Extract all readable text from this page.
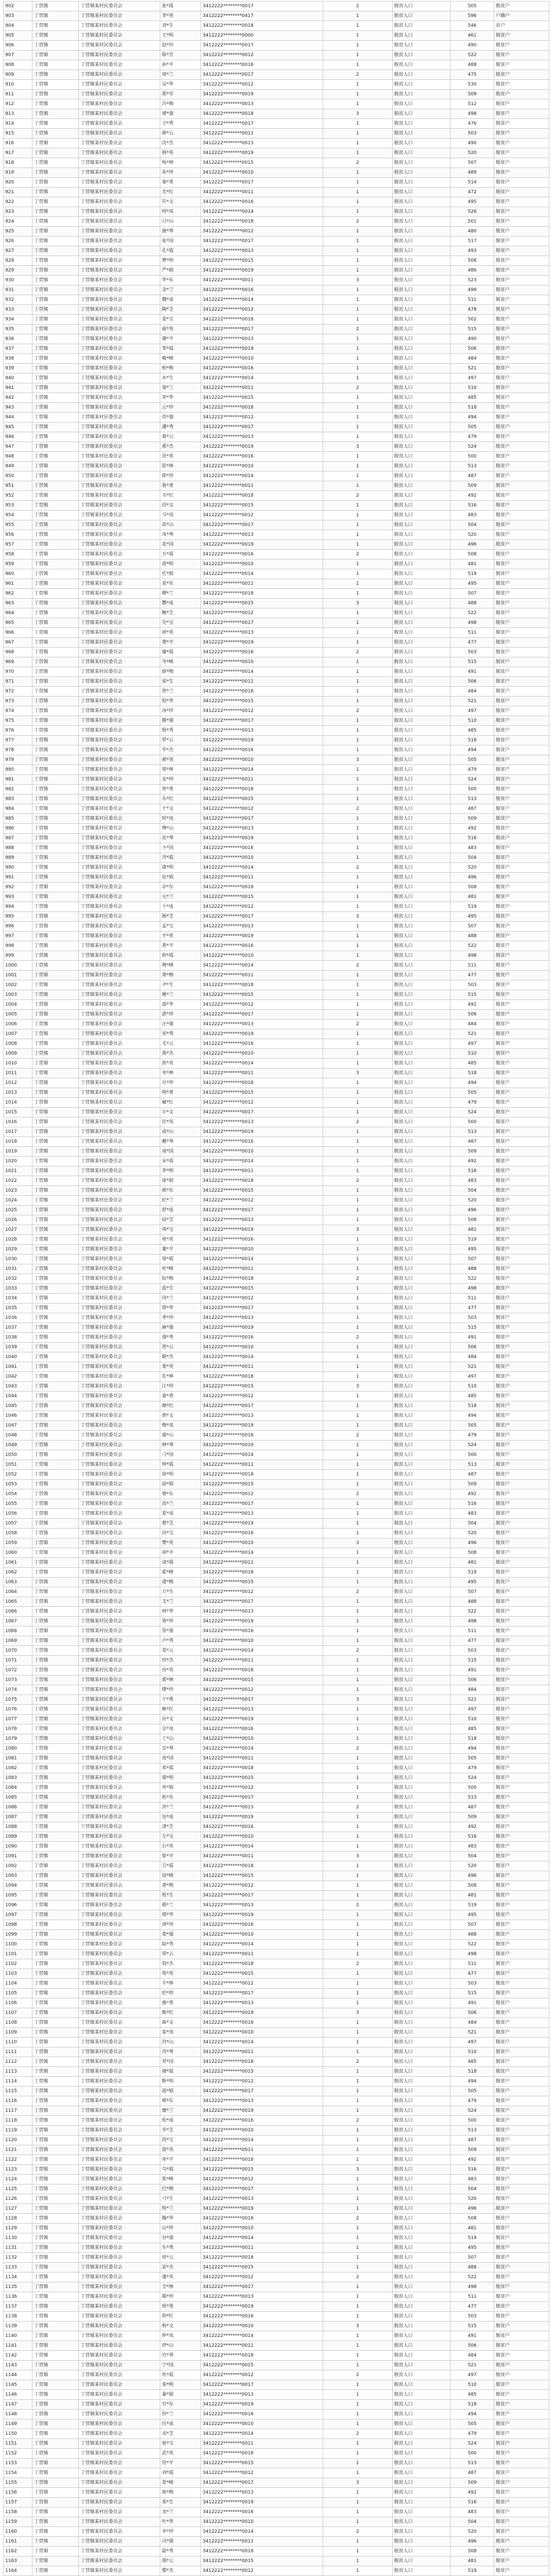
902	丁营镇	丁营镇某村民委员会	张*霞	3412222********0017	2	脱贫人口	505	脱贫户
903	丁营镇	丁营镇某村民委员会	李*英	3412222********0417	1	脱贫人口	596	户籍户
904	丁营镇	丁营镇某村民委员会	刘*生	3412222********0018	1	脱贫人口	546	农户
905	丁营镇	丁营镇某村民委员会	王*明	3412222********0000	1	脱贫人口	461	脱贫户
906	丁营镇	丁营镇某村民委员会	赵*玲	3412222********0017	1	脱贫人口	490	脱贫户
907	丁营镇	丁营镇某村民委员会	陈*芳	3412222********0012	1	脱贫人口	522	脱贫户
908	丁营镇	丁营镇某村民委员会	孙*平	3412222********0016	1	脱贫人口	488	脱贫户
909	丁营镇	丁营镇某村民委员会	周*兰	3412222********0017	2	脱贫人口	475	脱贫户
910	丁营镇	丁营镇某村民委员会	吴*华	3412222********0012	1	脱贫人口	530	脱贫户
911	丁营镇	丁营镇某村民委员会	郑*军	3412222********0019	1	脱贫人口	509	脱贫户
912	丁营镇	丁营镇某村民委员会	冯*梅	3412222********0013	1	脱贫人口	512	脱贫户
913	丁营镇	丁营镇某村民委员会	褚*强	3412222********0018	3	脱贫人口	498	脱贫户
914	丁营镇	丁营镇某村民委员会	卫*秀	3412222********0017	1	脱贫人口	476	脱贫户
915	丁营镇	丁营镇某村民委员会	蒋*云	3412222********0011	1	脱贫人口	503	脱贫户
916	丁营镇	丁营镇某村民委员会	沈*杰	3412222********0013	1	脱贫人口	490	脱贫户
917	丁营镇	丁营镇某村民委员会	韩*英	3412222********0019	1	脱贫人口	520	脱贫户
918	丁营镇	丁营镇某村民委员会	杨*林	3412222********0015	2	脱贫人口	507	脱贫户
919	丁营镇	丁营镇某村民委员会	朱*珍	3412222********0010	1	脱贫人口	489	脱贫户
920	丁营镇	丁营镇某村民委员会	秦*勇	3412222********0017	1	脱贫人口	514	脱贫户
921	丁营镇	丁营镇某村民委员会	尤*红	3412222********0011	1	脱贫人口	472	脱贫户
922	丁营镇	丁营镇某村民委员会	许*文	3412222********0016	1	脱贫人口	495	脱贫户
923	丁营镇	丁营镇某村民委员会	何*凤	3412222********0014	1	脱贫人口	526	脱贫户
924	丁营镇	丁营镇某村民委员会	吕*山	3412222********0018	2	脱贫人口	501	脱贫户
925	丁营镇	丁营镇某村民委员会	施*琴	3412222********0012	1	脱贫人口	480	脱贫户
926	丁营镇	丁营镇某村民委员会	张*国	3412222********0017	1	脱贫人口	517	脱贫户
927	丁营镇	丁营镇某村民委员会	孔*霞	3412222********0013	1	脱贫人口	493	脱贫户
928	丁营镇	丁营镇某村民委员会	曹*明	3412222********0015	1	脱贫人口	508	脱贫户
929	丁营镇	丁营镇某村民委员会	严*娟	3412222********0019	1	脱贫人口	486	脱贫户
930	丁营镇	丁营镇某村民委员会	华*东	3412222********0011	3	脱贫人口	523	脱贫户
931	丁营镇	丁营镇某村民委员会	金*兰	3412222********0016	1	脱贫人口	499	脱贫户
932	丁营镇	丁营镇某村民委员会	魏*成	3412222********0014	1	脱贫人口	511	脱贫户
933	丁营镇	丁营镇某村民委员会	陶*芝	3412222********0012	1	脱贫人口	478	脱贫户
934	丁营镇	丁营镇某村民委员会	姜*宝	3412222********0018	1	脱贫人口	502	脱贫户
935	丁营镇	丁营镇某村民委员会	戚*英	3412222********0017	2	脱贫人口	515	脱贫户
936	丁营镇	丁营镇某村民委员会	谢*平	3412222********0013	1	脱贫人口	490	脱贫户
937	丁营镇	丁营镇某村民委员会	邹*霞	3412222********0019	1	脱贫人口	506	脱贫户
938	丁营镇	丁营镇某村民委员会	喻*峰	3412222********0010	1	脱贫人口	484	脱贫户
939	丁营镇	丁营镇某村民委员会	柏*梅	3412222********0016	1	脱贫人口	521	脱贫户
940	丁营镇	丁营镇某村民委员会	水*生	3412222********0014	1	脱贫人口	497	脱贫户
941	丁营镇	丁营镇某村民委员会	窦*兰	3412222********0011	2	脱贫人口	510	脱贫户
942	丁营镇	丁营镇某村民委员会	章*华	3412222********0015	1	脱贫人口	485	脱贫户
943	丁营镇	丁营镇某村民委员会	云*珍	3412222********0018	1	脱贫人口	518	脱贫户
944	丁营镇	丁营镇某村民委员会	苏*强	3412222********0012	1	脱贫人口	494	脱贫户
945	丁营镇	丁营镇某村民委员会	潘*秀	3412222********0017	1	脱贫人口	505	脱贫户
946	丁营镇	丁营镇某村民委员会	葛*云	3412222********0013	1	脱贫人口	479	脱贫户
947	丁营镇	丁营镇某村民委员会	奚*杰	3412222********0019	3	脱贫人口	524	脱贫户
948	丁营镇	丁营镇某村民委员会	范*英	3412222********0016	1	脱贫人口	500	脱贫户
949	丁营镇	丁营镇某村民委员会	彭*林	3412222********0010	1	脱贫人口	513	脱贫户
950	丁营镇	丁营镇某村民委员会	郎*珍	3412222********0014	1	脱贫人口	487	脱贫户
951	丁营镇	丁营镇某村民委员会	鲁*勇	3412222********0011	1	脱贫人口	509	脱贫户
952	丁营镇	丁营镇某村民委员会	韦*红	3412222********0018	2	脱贫人口	492	脱贫户
953	丁营镇	丁营镇某村民委员会	昌*文	3412222********0015	1	脱贫人口	516	脱贫户
954	丁营镇	丁营镇某村民委员会	马*凤	3412222********0012	1	脱贫人口	483	脱贫户
955	丁营镇	丁营镇某村民委员会	苗*山	3412222********0017	1	脱贫人口	504	脱贫户
956	丁营镇	丁营镇某村民委员会	凤*琴	3412222********0013	1	脱贫人口	520	脱贫户
957	丁营镇	丁营镇某村民委员会	花*国	3412222********0019	1	脱贫人口	496	脱贫户
958	丁营镇	丁营镇某村民委员会	方*霞	3412222********0016	2	脱贫人口	508	脱贫户
959	丁营镇	丁营镇某村民委员会	俞*明	3412222********0010	1	脱贫人口	481	脱贫户
960	丁营镇	丁营镇某村民委员会	任*娟	3412222********0014	1	脱贫人口	519	脱贫户
961	丁营镇	丁营镇某村民委员会	袁*东	3412222********0011	1	脱贫人口	495	脱贫户
962	丁营镇	丁营镇某村民委员会	柳*兰	3412222********0018	1	脱贫人口	507	脱贫户
963	丁营镇	丁营镇某村民委员会	酆*成	3412222********0015	3	脱贫人口	488	脱贫户
964	丁营镇	丁营镇某村民委员会	鲍*芝	3412222********0012	1	脱贫人口	522	脱贫户
965	丁营镇	丁营镇某村民委员会	史*宝	3412222********0017	1	脱贫人口	498	脱贫户
966	丁营镇	丁营镇某村民委员会	唐*英	3412222********0013	1	脱贫人口	511	脱贫户
967	丁营镇	丁营镇某村民委员会	费*平	3412222********0019	1	脱贫人口	477	脱贫户
968	丁营镇	丁营镇某村民委员会	廉*霞	3412222********0016	2	脱贫人口	503	脱贫户
969	丁营镇	丁营镇某村民委员会	岑*峰	3412222********0010	1	脱贫人口	515	脱贫户
970	丁营镇	丁营镇某村民委员会	薛*梅	3412222********0014	1	脱贫人口	491	脱贫户
971	丁营镇	丁营镇某村民委员会	雷*生	3412222********0011	1	脱贫人口	506	脱贫户
972	丁营镇	丁营镇某村民委员会	贺*兰	3412222********0018	1	脱贫人口	484	脱贫户
973	丁营镇	丁营镇某村民委员会	倪*华	3412222********0015	1	脱贫人口	521	脱贫户
974	丁营镇	丁营镇某村民委员会	汤*珍	3412222********0012	2	脱贫人口	497	脱贫户
975	丁营镇	丁营镇某村民委员会	滕*强	3412222********0017	1	脱贫人口	510	脱贫户
976	丁营镇	丁营镇某村民委员会	殷*秀	3412222********0013	1	脱贫人口	485	脱贫户
977	丁营镇	丁营镇某村民委员会	罗*云	3412222********0019	1	脱贫人口	518	脱贫户
978	丁营镇	丁营镇某村民委员会	毕*杰	3412222********0016	1	脱贫人口	494	脱贫户
979	丁营镇	丁营镇某村民委员会	郝*英	3412222********0010	3	脱贫人口	505	脱贫户
980	丁营镇	丁营镇某村民委员会	邬*林	3412222********0014	1	脱贫人口	479	脱贫户
981	丁营镇	丁营镇某村民委员会	安*珍	3412222********0011	1	脱贫人口	524	脱贫户
982	丁营镇	丁营镇某村民委员会	常*勇	3412222********0018	1	脱贫人口	500	脱贫户
983	丁营镇	丁营镇某村民委员会	乐*红	3412222********0015	1	脱贫人口	513	脱贫户
984	丁营镇	丁营镇某村民委员会	于*文	3412222********0012	2	脱贫人口	487	脱贫户
985	丁营镇	丁营镇某村民委员会	时*凤	3412222********0017	1	脱贫人口	509	脱贫户
986	丁营镇	丁营镇某村民委员会	傅*山	3412222********0013	1	脱贫人口	492	脱贫户
987	丁营镇	丁营镇某村民委员会	皮*琴	3412222********0019	1	脱贫人口	516	脱贫户
988	丁营镇	丁营镇某村民委员会	卞*国	3412222********0016	1	脱贫人口	483	脱贫户
989	丁营镇	丁营镇某村民委员会	齐*霞	3412222********0010	1	脱贫人口	504	脱贫户
990	丁营镇	丁营镇某村民委员会	康*明	3412222********0014	2	脱贫人口	520	脱贫户
991	丁营镇	丁营镇某村民委员会	伍*娟	3412222********0011	1	脱贫人口	496	脱贫户
992	丁营镇	丁营镇某村民委员会	余*东	3412222********0018	1	脱贫人口	508	脱贫户
993	丁营镇	丁营镇某村民委员会	元*兰	3412222********0015	1	脱贫人口	481	脱贫户
994	丁营镇	丁营镇某村民委员会	卜*成	3412222********0012	1	脱贫人口	519	脱贫户
995	丁营镇	丁营镇某村民委员会	顾*芝	3412222********0017	3	脱贫人口	495	脱贫户
996	丁营镇	丁营镇某村民委员会	孟*宝	3412222********0013	1	脱贫人口	507	脱贫户
997	丁营镇	丁营镇某村民委员会	平*英	3412222********0019	1	脱贫人口	488	脱贫户
998	丁营镇	丁营镇某村民委员会	黄*平	3412222********0016	1	脱贫人口	522	脱贫户
999	丁营镇	丁营镇某村民委员会	和*霞	3412222********0010	1	脱贫人口	498	脱贫户
1000	丁营镇	丁营镇某村民委员会	穆*峰	3412222********0014	2	脱贫人口	511	脱贫户
1001	丁营镇	丁营镇某村民委员会	萧*梅	3412222********0011	1	脱贫人口	477	脱贫户
1002	丁营镇	丁营镇某村民委员会	尹*生	3412222********0018	1	脱贫人口	503	脱贫户
1003	丁营镇	丁营镇某村民委员会	姚*兰	3412222********0015	1	脱贫人口	515	脱贫户
1004	丁营镇	丁营镇某村民委员会	邵*华	3412222********0012	1	脱贫人口	491	脱贫户
1005	丁营镇	丁营镇某村民委员会	湛*珍	3412222********0017	1	脱贫人口	506	脱贫户
1006	丁营镇	丁营镇某村民委员会	汪*强	3412222********0013	2	脱贫人口	484	脱贫户
1007	丁营镇	丁营镇某村民委员会	祁*秀	3412222********0019	1	脱贫人口	521	脱贫户
1008	丁营镇	丁营镇某村民委员会	毛*云	3412222********0016	1	脱贫人口	497	脱贫户
1009	丁营镇	丁营镇某村民委员会	禹*杰	3412222********0010	1	脱贫人口	510	脱贫户
1010	丁营镇	丁营镇某村民委员会	狄*英	3412222********0014	1	脱贫人口	485	脱贫户
1011	丁营镇	丁营镇某村民委员会	米*林	3412222********0011	3	脱贫人口	518	脱贫户
1012	丁营镇	丁营镇某村民委员会	贝*珍	3412222********0018	1	脱贫人口	494	脱贫户
1013	丁营镇	丁营镇某村民委员会	明*勇	3412222********0015	1	脱贫人口	505	脱贫户
1014	丁营镇	丁营镇某村民委员会	臧*红	3412222********0012	1	脱贫人口	479	脱贫户
1015	丁营镇	丁营镇某村民委员会	计*文	3412222********0017	1	脱贫人口	524	脱贫户
1016	丁营镇	丁营镇某村民委员会	伏*凤	3412222********0013	2	脱贫人口	500	脱贫户
1017	丁营镇	丁营镇某村民委员会	成*山	3412222********0019	1	脱贫人口	513	脱贫户
1018	丁营镇	丁营镇某村民委员会	戴*琴	3412222********0016	1	脱贫人口	487	脱贫户
1019	丁营镇	丁营镇某村民委员会	谈*国	3412222********0010	1	脱贫人口	509	脱贫户
1020	丁营镇	丁营镇某村民委员会	宋*霞	3412222********0014	1	脱贫人口	492	脱贫户
1021	丁营镇	丁营镇某村民委员会	茅*明	3412222********0011	1	脱贫人口	516	脱贫户
1022	丁营镇	丁营镇某村民委员会	庞*娟	3412222********0018	2	脱贫人口	483	脱贫户
1023	丁营镇	丁营镇某村民委员会	熊*东	3412222********0015	1	脱贫人口	504	脱贫户
1024	丁营镇	丁营镇某村民委员会	纪*兰	3412222********0012	1	脱贫人口	520	脱贫户
1025	丁营镇	丁营镇某村民委员会	舒*成	3412222********0017	1	脱贫人口	496	脱贫户
1026	丁营镇	丁营镇某村民委员会	屈*芝	3412222********0013	1	脱贫人口	508	脱贫户
1027	丁营镇	丁营镇某村民委员会	项*宝	3412222********0019	3	脱贫人口	481	脱贫户
1028	丁营镇	丁营镇某村民委员会	祝*英	3412222********0016	1	脱贫人口	519	脱贫户
1029	丁营镇	丁营镇某村民委员会	董*平	3412222********0010	1	脱贫人口	495	脱贫户
1030	丁营镇	丁营镇某村民委员会	梁*霞	3412222********0014	1	脱贫人口	507	脱贫户
1031	丁营镇	丁营镇某村民委员会	杜*峰	3412222********0011	1	脱贫人口	488	脱贫户
1032	丁营镇	丁营镇某村民委员会	阮*梅	3412222********0018	2	脱贫人口	522	脱贫户
1033	丁营镇	丁营镇某村民委员会	蓝*生	3412222********0015	1	脱贫人口	498	脱贫户
1034	丁营镇	丁营镇某村民委员会	闵*兰	3412222********0012	1	脱贫人口	511	脱贫户
1035	丁营镇	丁营镇某村民委员会	席*华	3412222********0017	1	脱贫人口	477	脱贫户
1036	丁营镇	丁营镇某村民委员会	季*珍	3412222********0013	1	脱贫人口	503	脱贫户
1037	丁营镇	丁营镇某村民委员会	麻*强	3412222********0019	1	脱贫人口	515	脱贫户
1038	丁营镇	丁营镇某村民委员会	强*秀	3412222********0016	2	脱贫人口	491	脱贫户
1039	丁营镇	丁营镇某村民委员会	贾*云	3412222********0010	1	脱贫人口	506	脱贫户
1040	丁营镇	丁营镇某村民委员会	路*杰	3412222********0014	1	脱贫人口	484	脱贫户
1041	丁营镇	丁营镇某村民委员会	娄*英	3412222********0011	1	脱贫人口	521	脱贫户
1042	丁营镇	丁营镇某村民委员会	危*林	3412222********0018	1	脱贫人口	497	脱贫户
1043	丁营镇	丁营镇某村民委员会	江*珍	3412222********0015	3	脱贫人口	510	脱贫户
1044	丁营镇	丁营镇某村民委员会	童*勇	3412222********0012	1	脱贫人口	485	脱贫户
1045	丁营镇	丁营镇某村民委员会	颜*红	3412222********0017	1	脱贫人口	518	脱贫户
1046	丁营镇	丁营镇某村民委员会	郭*文	3412222********0013	1	脱贫人口	494	脱贫户
1047	丁营镇	丁营镇某村民委员会	梅*凤	3412222********0019	1	脱贫人口	505	脱贫户
1048	丁营镇	丁营镇某村民委员会	盛*山	3412222********0016	2	脱贫人口	479	脱贫户
1049	丁营镇	丁营镇某村民委员会	林*琴	3412222********0010	1	脱贫人口	524	脱贫户
1050	丁营镇	丁营镇某村民委员会	刁*国	3412222********0014	1	脱贫人口	500	脱贫户
1051	丁营镇	丁营镇某村民委员会	钟*霞	3412222********0011	1	脱贫人口	513	脱贫户
1052	丁营镇	丁营镇某村民委员会	徐*明	3412222********0018	1	脱贫人口	487	脱贫户
1053	丁营镇	丁营镇某村民委员会	邱*娟	3412222********0015	1	脱贫人口	509	脱贫户
1054	丁营镇	丁营镇某村民委员会	骆*东	3412222********0012	2	脱贫人口	492	脱贫户
1055	丁营镇	丁营镇某村民委员会	高*兰	3412222********0017	1	脱贫人口	516	脱贫户
1056	丁营镇	丁营镇某村民委员会	夏*成	3412222********0013	1	脱贫人口	483	脱贫户
1057	丁营镇	丁营镇某村民委员会	蔡*芝	3412222********0019	1	脱贫人口	504	脱贫户
1058	丁营镇	丁营镇某村民委员会	田*宝	3412222********0016	1	脱贫人口	520	脱贫户
1059	丁营镇	丁营镇某村民委员会	樊*英	3412222********0010	3	脱贫人口	496	脱贫户
1060	丁营镇	丁营镇某村民委员会	胡*平	3412222********0014	1	脱贫人口	508	脱贫户
1061	丁营镇	丁营镇某村民委员会	凌*霞	3412222********0011	1	脱贫人口	481	脱贫户
1062	丁营镇	丁营镇某村民委员会	霍*峰	3412222********0018	1	脱贫人口	519	脱贫户
1063	丁营镇	丁营镇某村民委员会	虞*梅	3412222********0015	1	脱贫人口	495	脱贫户
1064	丁营镇	丁营镇某村民委员会	万*生	3412222********0012	2	脱贫人口	507	脱贫户
1065	丁营镇	丁营镇某村民委员会	支*兰	3412222********0017	1	脱贫人口	488	脱贫户
1066	丁营镇	丁营镇某村民委员会	柯*华	3412222********0013	1	脱贫人口	522	脱贫户
1067	丁营镇	丁营镇某村民委员会	昝*珍	3412222********0019	1	脱贫人口	498	脱贫户
1068	丁营镇	丁营镇某村民委员会	管*强	3412222********0016	1	脱贫人口	511	脱贫户
1069	丁营镇	丁营镇某村民委员会	卢*秀	3412222********0010	1	脱贫人口	477	脱贫户
1070	丁营镇	丁营镇某村民委员会	莫*云	3412222********0014	2	脱贫人口	503	脱贫户
1071	丁营镇	丁营镇某村民委员会	经*杰	3412222********0011	1	脱贫人口	515	脱贫户
1072	丁营镇	丁营镇某村民委员会	房*英	3412222********0018	1	脱贫人口	491	脱贫户
1073	丁营镇	丁营镇某村民委员会	裘*林	3412222********0015	1	脱贫人口	506	脱贫户
1074	丁营镇	丁营镇某村民委员会	缪*珍	3412222********0012	1	脱贫人口	484	脱贫户
1075	丁营镇	丁营镇某村民委员会	干*勇	3412222********0017	3	脱贫人口	521	脱贫户
1076	丁营镇	丁营镇某村民委员会	解*红	3412222********0013	1	脱贫人口	497	脱贫户
1077	丁营镇	丁营镇某村民委员会	应*文	3412222********0019	1	脱贫人口	510	脱贫户
1078	丁营镇	丁营镇某村民委员会	宗*凤	3412222********0016	1	脱贫人口	485	脱贫户
1079	丁营镇	丁营镇某村民委员会	丁*山	3412222********0010	1	脱贫人口	518	脱贫户
1080	丁营镇	丁营镇某村民委员会	宣*琴	3412222********0014	2	脱贫人口	494	脱贫户
1081	丁营镇	丁营镇某村民委员会	贲*国	3412222********0011	1	脱贫人口	505	脱贫户
1082	丁营镇	丁营镇某村民委员会	邓*霞	3412222********0018	1	脱贫人口	479	脱贫户
1083	丁营镇	丁营镇某村民委员会	郁*明	3412222********0015	1	脱贫人口	524	脱贫户
1084	丁营镇	丁营镇某村民委员会	单*娟	3412222********0012	1	脱贫人口	500	脱贫户
1085	丁营镇	丁营镇某村民委员会	杭*东	3412222********0017	1	脱贫人口	513	脱贫户
1086	丁营镇	丁营镇某村民委员会	洪*兰	3412222********0013	2	脱贫人口	487	脱贫户
1087	丁营镇	丁营镇某村民委员会	包*成	3412222********0019	1	脱贫人口	509	脱贫户
1088	丁营镇	丁营镇某村民委员会	诸*芝	3412222********0016	1	脱贫人口	492	脱贫户
1089	丁营镇	丁营镇某村民委员会	左*宝	3412222********0010	1	脱贫人口	516	脱贫户
1090	丁营镇	丁营镇某村民委员会	石*英	3412222********0014	1	脱贫人口	483	脱贫户
1091	丁营镇	丁营镇某村民委员会	崔*平	3412222********0011	3	脱贫人口	504	脱贫户
1092	丁营镇	丁营镇某村民委员会	吉*霞	3412222********0018	1	脱贫人口	520	脱贫户
1093	丁营镇	丁营镇某村民委员会	钮*峰	3412222********0015	1	脱贫人口	496	脱贫户
1094	丁营镇	丁营镇某村民委员会	龚*梅	3412222********0012	1	脱贫人口	508	脱贫户
1095	丁营镇	丁营镇某村民委员会	程*生	3412222********0017	1	脱贫人口	481	脱贫户
1096	丁营镇	丁营镇某村民委员会	嵇*兰	3412222********0013	2	脱贫人口	519	脱贫户
1097	丁营镇	丁营镇某村民委员会	邢*华	3412222********0019	1	脱贫人口	495	脱贫户
1098	丁营镇	丁营镇某村民委员会	滑*珍	3412222********0016	1	脱贫人口	507	脱贫户
1099	丁营镇	丁营镇某村民委员会	裴*强	3412222********0010	1	脱贫人口	488	脱贫户
1100	丁营镇	丁营镇某村民委员会	陆*秀	3412222********0014	1	脱贫人口	522	脱贫户
1101	丁营镇	丁营镇某村民委员会	荣*云	3412222********0011	1	脱贫人口	498	脱贫户
1102	丁营镇	丁营镇某村民委员会	翁*杰	3412222********0018	2	脱贫人口	511	脱贫户
1103	丁营镇	丁营镇某村民委员会	荀*英	3412222********0015	1	脱贫人口	477	脱贫户
1104	丁营镇	丁营镇某村民委员会	羊*林	3412222********0012	1	脱贫人口	503	脱贫户
1105	丁营镇	丁营镇某村民委员会	於*珍	3412222********0017	1	脱贫人口	515	脱贫户
1106	丁营镇	丁营镇某村民委员会	惠*勇	3412222********0013	1	脱贫人口	491	脱贫户
1107	丁营镇	丁营镇某村民委员会	甄*红	3412222********0019	3	脱贫人口	506	脱贫户
1108	丁营镇	丁营镇某村民委员会	曲*文	3412222********0016	1	脱贫人口	484	脱贫户
1109	丁营镇	丁营镇某村民委员会	家*凤	3412222********0010	1	脱贫人口	521	脱贫户
1110	丁营镇	丁营镇某村民委员会	封*山	3412222********0014	1	脱贫人口	497	脱贫户
1111	丁营镇	丁营镇某村民委员会	芮*琴	3412222********0011	1	脱贫人口	510	脱贫户
1112	丁营镇	丁营镇某村民委员会	羿*国	3412222********0018	2	脱贫人口	485	脱贫户
1113	丁营镇	丁营镇某村民委员会	储*霞	3412222********0015	1	脱贫人口	518	脱贫户
1114	丁营镇	丁营镇某村民委员会	靳*明	3412222********0012	1	脱贫人口	494	脱贫户
1115	丁营镇	丁营镇某村民委员会	汲*娟	3412222********0017	1	脱贫人口	505	脱贫户
1116	丁营镇	丁营镇某村民委员会	邴*东	3412222********0013	1	脱贫人口	479	脱贫户
1117	丁营镇	丁营镇某村民委员会	糜*兰	3412222********0019	1	脱贫人口	524	脱贫户
1118	丁营镇	丁营镇某村民委员会	松*成	3412222********0016	2	脱贫人口	500	脱贫户
1119	丁营镇	丁营镇某村民委员会	井*芝	3412222********0010	1	脱贫人口	513	脱贫户
1120	丁营镇	丁营镇某村民委员会	段*宝	3412222********0014	1	脱贫人口	487	脱贫户
1121	丁营镇	丁营镇某村民委员会	富*英	3412222********0011	1	脱贫人口	509	脱贫户
1122	丁营镇	丁营镇某村民委员会	巫*平	3412222********0018	1	脱贫人口	492	脱贫户
1123	丁营镇	丁营镇某村民委员会	乌*霞	3412222********0015	3	脱贫人口	516	脱贫户
1124	丁营镇	丁营镇某村民委员会	焦*峰	3412222********0012	1	脱贫人口	483	脱贫户
1125	丁营镇	丁营镇某村民委员会	巴*梅	3412222********0017	1	脱贫人口	504	脱贫户
1126	丁营镇	丁营镇某村民委员会	弓*生	3412222********0013	1	脱贫人口	520	脱贫户
1127	丁营镇	丁营镇某村民委员会	牧*兰	3412222********0019	1	脱贫人口	496	脱贫户
1128	丁营镇	丁营镇某村民委员会	隗*华	3412222********0016	2	脱贫人口	508	脱贫户
1129	丁营镇	丁营镇某村民委员会	山*珍	3412222********0010	1	脱贫人口	481	脱贫户
1130	丁营镇	丁营镇某村民委员会	谷*强	3412222********0014	1	脱贫人口	519	脱贫户
1131	丁营镇	丁营镇某村民委员会	车*秀	3412222********0011	1	脱贫人口	495	脱贫户
1132	丁营镇	丁营镇某村民委员会	侯*云	3412222********0018	1	脱贫人口	507	脱贫户
1133	丁营镇	丁营镇某村民委员会	宓*杰	3412222********0015	1	脱贫人口	488	脱贫户
1134	丁营镇	丁营镇某村民委员会	蓬*英	3412222********0012	2	脱贫人口	522	脱贫户
1135	丁营镇	丁营镇某村民委员会	全*林	3412222********0017	1	脱贫人口	498	脱贫户
1136	丁营镇	丁营镇某村民委员会	郗*珍	3412222********0013	1	脱贫人口	511	脱贫户
1137	丁营镇	丁营镇某村民委员会	班*勇	3412222********0019	1	脱贫人口	477	脱贫户
1138	丁营镇	丁营镇某村民委员会	仰*红	3412222********0016	1	脱贫人口	503	脱贫户
1139	丁营镇	丁营镇某村民委员会	秋*文	3412222********0010	3	脱贫人口	515	脱贫户
1140	丁营镇	丁营镇某村民委员会	仲*凤	3412222********0014	1	脱贫人口	491	脱贫户
1141	丁营镇	丁营镇某村民委员会	伊*山	3412222********0011	1	脱贫人口	506	脱贫户
1142	丁营镇	丁营镇某村民委员会	宫*琴	3412222********0018	1	脱贫人口	484	脱贫户
1143	丁营镇	丁营镇某村民委员会	宁*国	3412222********0015	1	脱贫人口	521	脱贫户
1144	丁营镇	丁营镇某村民委员会	仇*霞	3412222********0012	2	脱贫人口	497	脱贫户
1145	丁营镇	丁营镇某村民委员会	栾*明	3412222********0017	1	脱贫人口	510	脱贫户
1146	丁营镇	丁营镇某村民委员会	暴*娟	3412222********0013	1	脱贫人口	485	脱贫户
1147	丁营镇	丁营镇某村民委员会	甘*东	3412222********0019	1	脱贫人口	518	脱贫户
1148	丁营镇	丁营镇某村民委员会	钭*兰	3412222********0016	1	脱贫人口	494	脱贫户
1149	丁营镇	丁营镇某村民委员会	厉*成	3412222********0010	1	脱贫人口	505	脱贫户
1150	丁营镇	丁营镇某村民委员会	戎*芝	3412222********0014	2	脱贫人口	479	脱贫户
1151	丁营镇	丁营镇某村民委员会	祖*宝	3412222********0011	1	脱贫人口	524	脱贫户
1152	丁营镇	丁营镇某村民委员会	武*英	3412222********0018	1	脱贫人口	500	脱贫户
1153	丁营镇	丁营镇某村民委员会	符*平	3412222********0015	1	脱贫人口	513	脱贫户
1154	丁营镇	丁营镇某村民委员会	刘*霞	3412222********0012	1	脱贫人口	487	脱贫户
1155	丁营镇	丁营镇某村民委员会	景*峰	3412222********0017	3	脱贫人口	509	脱贫户
1156	丁营镇	丁营镇某村民委员会	詹*梅	3412222********0013	1	脱贫人口	492	脱贫户
1157	丁营镇	丁营镇某村民委员会	束*生	3412222********0019	1	脱贫人口	516	脱贫户
1158	丁营镇	丁营镇某村民委员会	龙*兰	3412222********0016	1	脱贫人口	483	脱贫户
1159	丁营镇	丁营镇某村民委员会	叶*华	3412222********0010	1	脱贫人口	504	脱贫户
1160	丁营镇	丁营镇某村民委员会	幸*珍	3412222********0014	2	脱贫人口	520	脱贫户
1161	丁营镇	丁营镇某村民委员会	司*强	3412222********0011	1	脱贫人口	496	脱贫户
1162	丁营镇	丁营镇某村民委员会	韶*秀	3412222********0018	1	脱贫人口	508	脱贫户
1163	丁营镇	丁营镇某村民委员会	郜*云	3412222********0015	1	脱贫人口	481	脱贫户
1164	丁营镇	丁营镇某村民委员会	黎*杰	3412222********0012	1	脱贫人口	519	脱贫户
